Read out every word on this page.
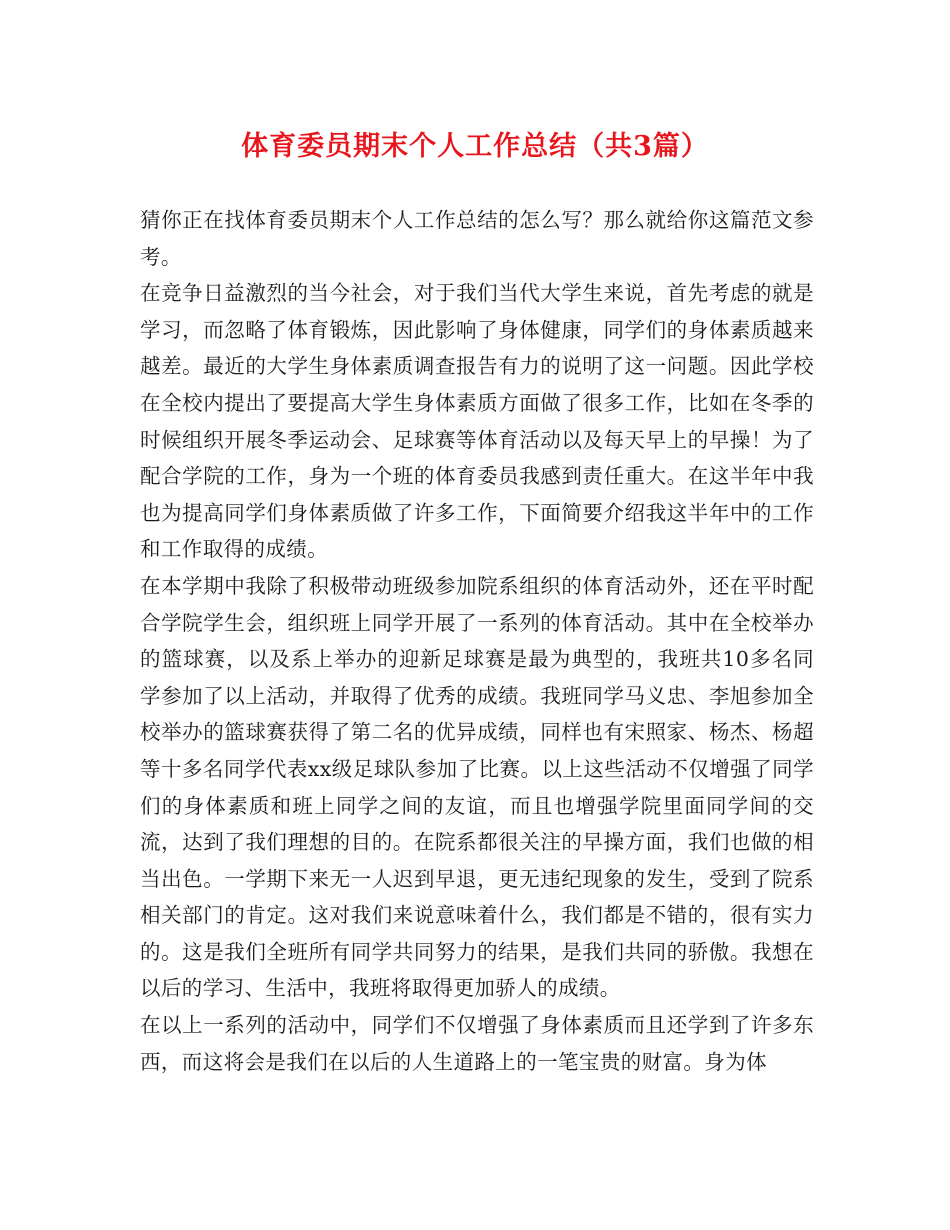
体育委员期末个人工作总结（共3篇）

猜你正在找体育委员期末个人工作总结的怎么写？那么就给你这篇范文参考。

在竞争日益激烈的当今社会，对于我们当代大学生来说，首先考虑的就是学习，而忽略了体育锻炼，因此影响了身体健康，同学们的身体素质越来越差。最近的大学生身体素质调查报告有力的说明了这一问题。因此学校在全校内提出了要提高大学生身体素质方面做了很多工作，比如在冬季的时候组织开展冬季运动会、足球赛等体育活动以及每天早上的早操！为了配合学院的工作，身为一个班的体育委员我感到责任重大。在这半年中我也为提高同学们身体素质做了许多工作，下面简要介绍我这半年中的工作和工作取得的成绩。

在本学期中我除了积极带动班级参加院系组织的体育活动外，还在平时配合学院学生会，组织班上同学开展了一系列的体育活动。其中在全校举办的篮球赛，以及系上举办的迎新足球赛是最为典型的，我班共10多名同学参加了以上活动，并取得了优秀的成绩。我班同学马义忠、李旭参加全校举办的篮球赛获得了第二名的优异成绩，同样也有宋照家、杨杰、杨超等十多名同学代表xx级足球队参加了比赛。以上这些活动不仅增强了同学们的身体素质和班上同学之间的友谊，而且也增强学院里面同学间的交流，达到了我们理想的目的。在院系都很关注的早操方面，我们也做的相当出色。一学期下来无一人迟到早退，更无违纪现象的发生，受到了院系相关部门的肯定。这对我们来说意味着什么，我们都是不错的，很有实力的。这是我们全班所有同学共同努力的结果，是我们共同的骄傲。我想在以后的学习、生活中，我班将取得更加骄人的成绩。

在以上一系列的活动中，同学们不仅增强了身体素质而且还学到了许多东西，而这将会是我们在以后的人生道路上的一笔宝贵的财富。身为体
